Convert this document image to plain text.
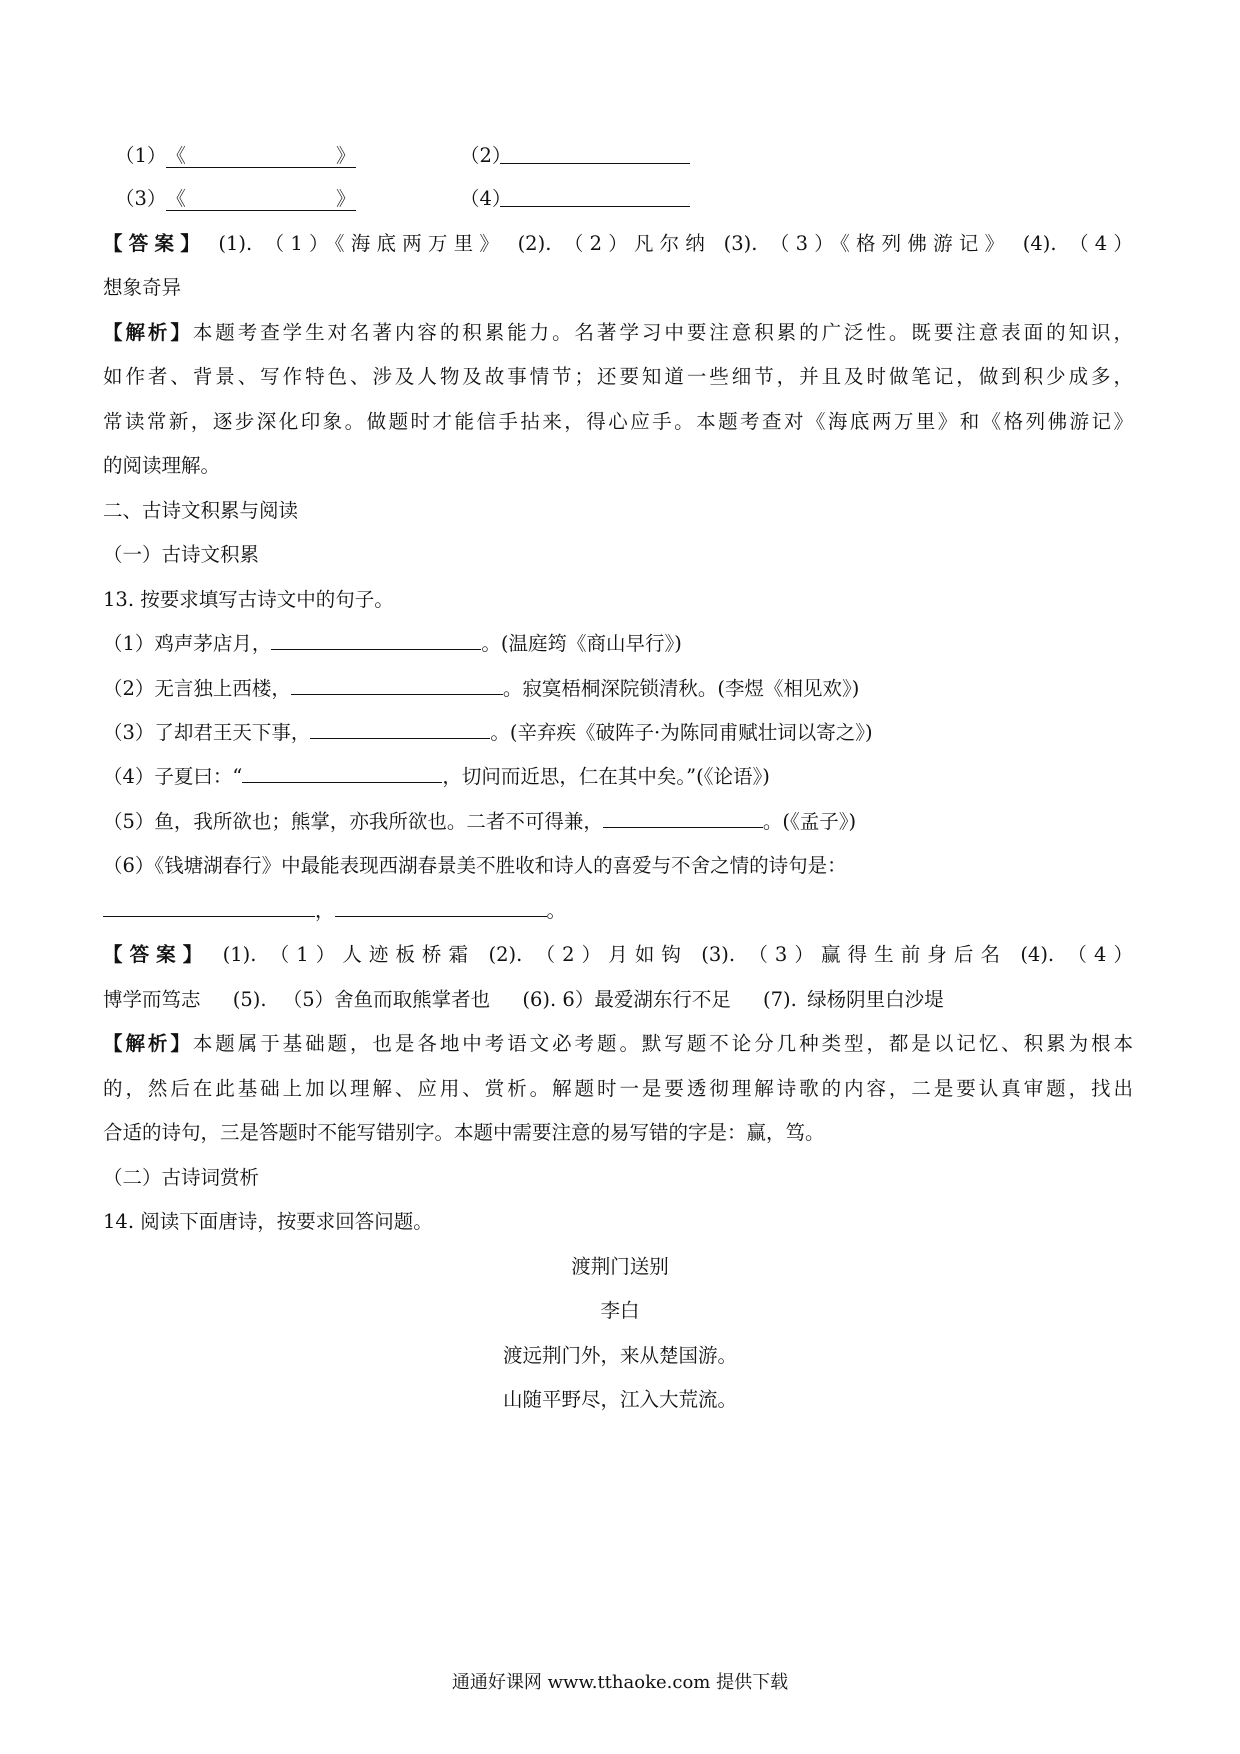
（1）《	》	（2）
（3）《	》	（4）
【答案】 (1). （1）《海底两万里》 (2). （2）凡尔纳 (3). （3）《格列佛游记》 (4). （4）
想象奇异
【解析】本题考查学生对名著内容的积累能力。名著学习中要注意积累的广泛性。既要注意表面的知识，
如作者、背景、写作特色、涉及人物及故事情节；还要知道一些细节，并且及时做笔记，做到积少成多，
常读常新，逐步深化印象。做题时才能信手拈来，得心应手。本题考查对《海底两万里》和《格列佛游记》
的阅读理解。
二、古诗文积累与阅读
（一）古诗文积累
13. 按要求填写古诗文中的句子。
（1）鸡声茅店月，	。(温庭筠《商山早行》)
（2）无言独上西楼，	。寂寞梧桐深院锁清秋。(李煜《相见欢》)
（3）了却君王天下事，	。(辛弃疾《破阵子·为陈同甫赋壮词以寄之》)
（4）子夏曰：“	，切问而近思，仁在其中矣。”(《论语》)
（5）鱼，我所欲也；熊掌，亦我所欲也。二者不可得兼，	。(《孟子》)
（6）《钱塘湖春行》中最能表现西湖春景美不胜收和诗人的喜爱与不舍之情的诗句是：
，	。
【答案】 (1). （1）人迹板桥霜 (2). （2）月如钩 (3). （3）赢得生前身后名 (4). （4）
博学而笃志 (5). （5）舍鱼而取熊掌者也 (6). 6）最爱湖东行不足 (7). 绿杨阴里白沙堤
【解析】本题属于基础题，也是各地中考语文必考题。默写题不论分几种类型，都是以记忆、积累为根本
的，然后在此基础上加以理解、应用、赏析。解题时一是要透彻理解诗歌的内容，二是要认真审题，找出
合适的诗句，三是答题时不能写错别字。本题中需要注意的易写错的字是：赢，笃。
（二）古诗词赏析
14. 阅读下面唐诗，按要求回答问题。
渡荆门送别
李白
渡远荆门外，来从楚国游。
山随平野尽，江入大荒流。
通通好课网 www.tthaoke.com 提供下载
